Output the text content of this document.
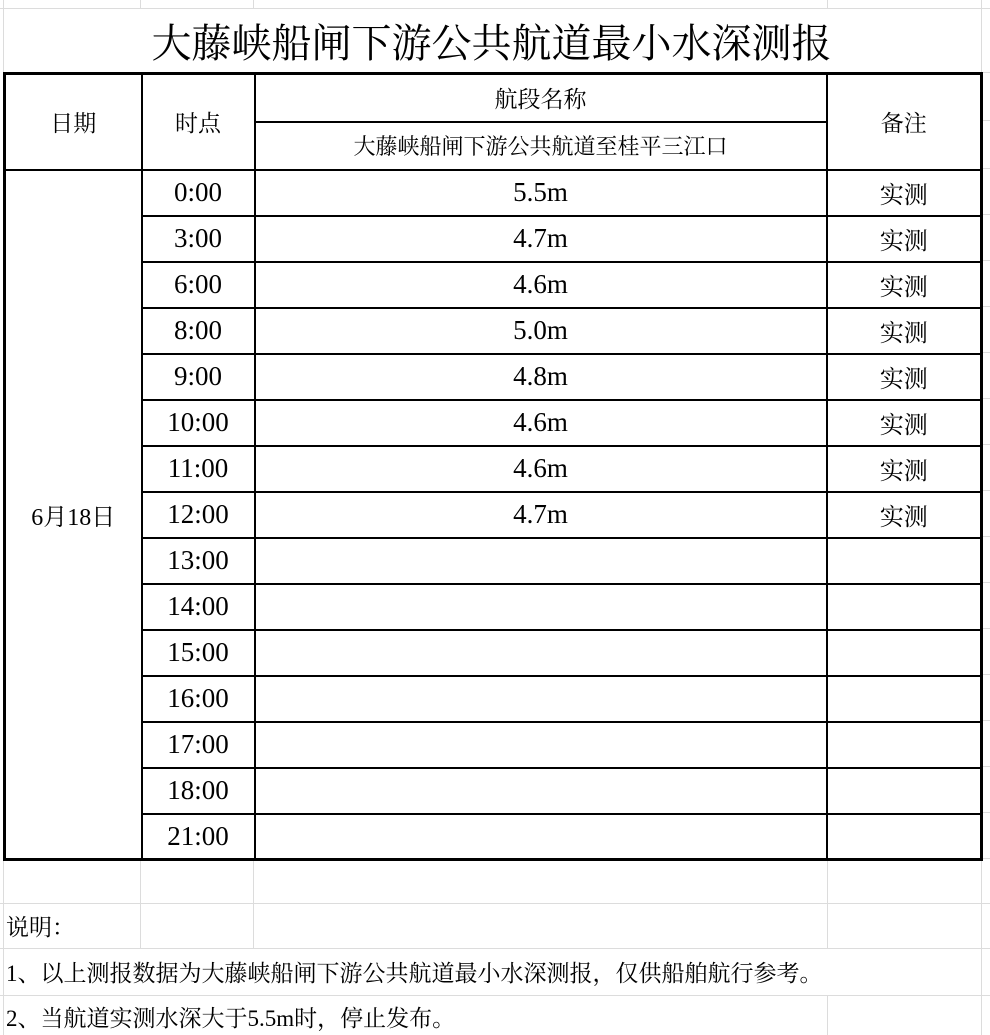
大藤峡船闸下游公共航道最小水深测报
日期	时点	航段名称	备注
		大藤峡船闸下游公共航道至桂平三江口	
6月18日	0:00	5.5m	实测
	3:00	4.7m	实测
	6:00	4.6m	实测
	8:00	5.0m	实测
	9:00	4.8m	实测
	10:00	4.6m	实测
	11:00	4.6m	实测
	12:00	4.7m	实测
	13:00		
	14:00		
	15:00		
	16:00		
	17:00		
	18:00		
	21:00		
说明：
1、以上测报数据为大藤峡船闸下游公共航道最小水深测报，仅供船舶航行参考。
2、当航道实测水深大于5.5m时，停止发布。
